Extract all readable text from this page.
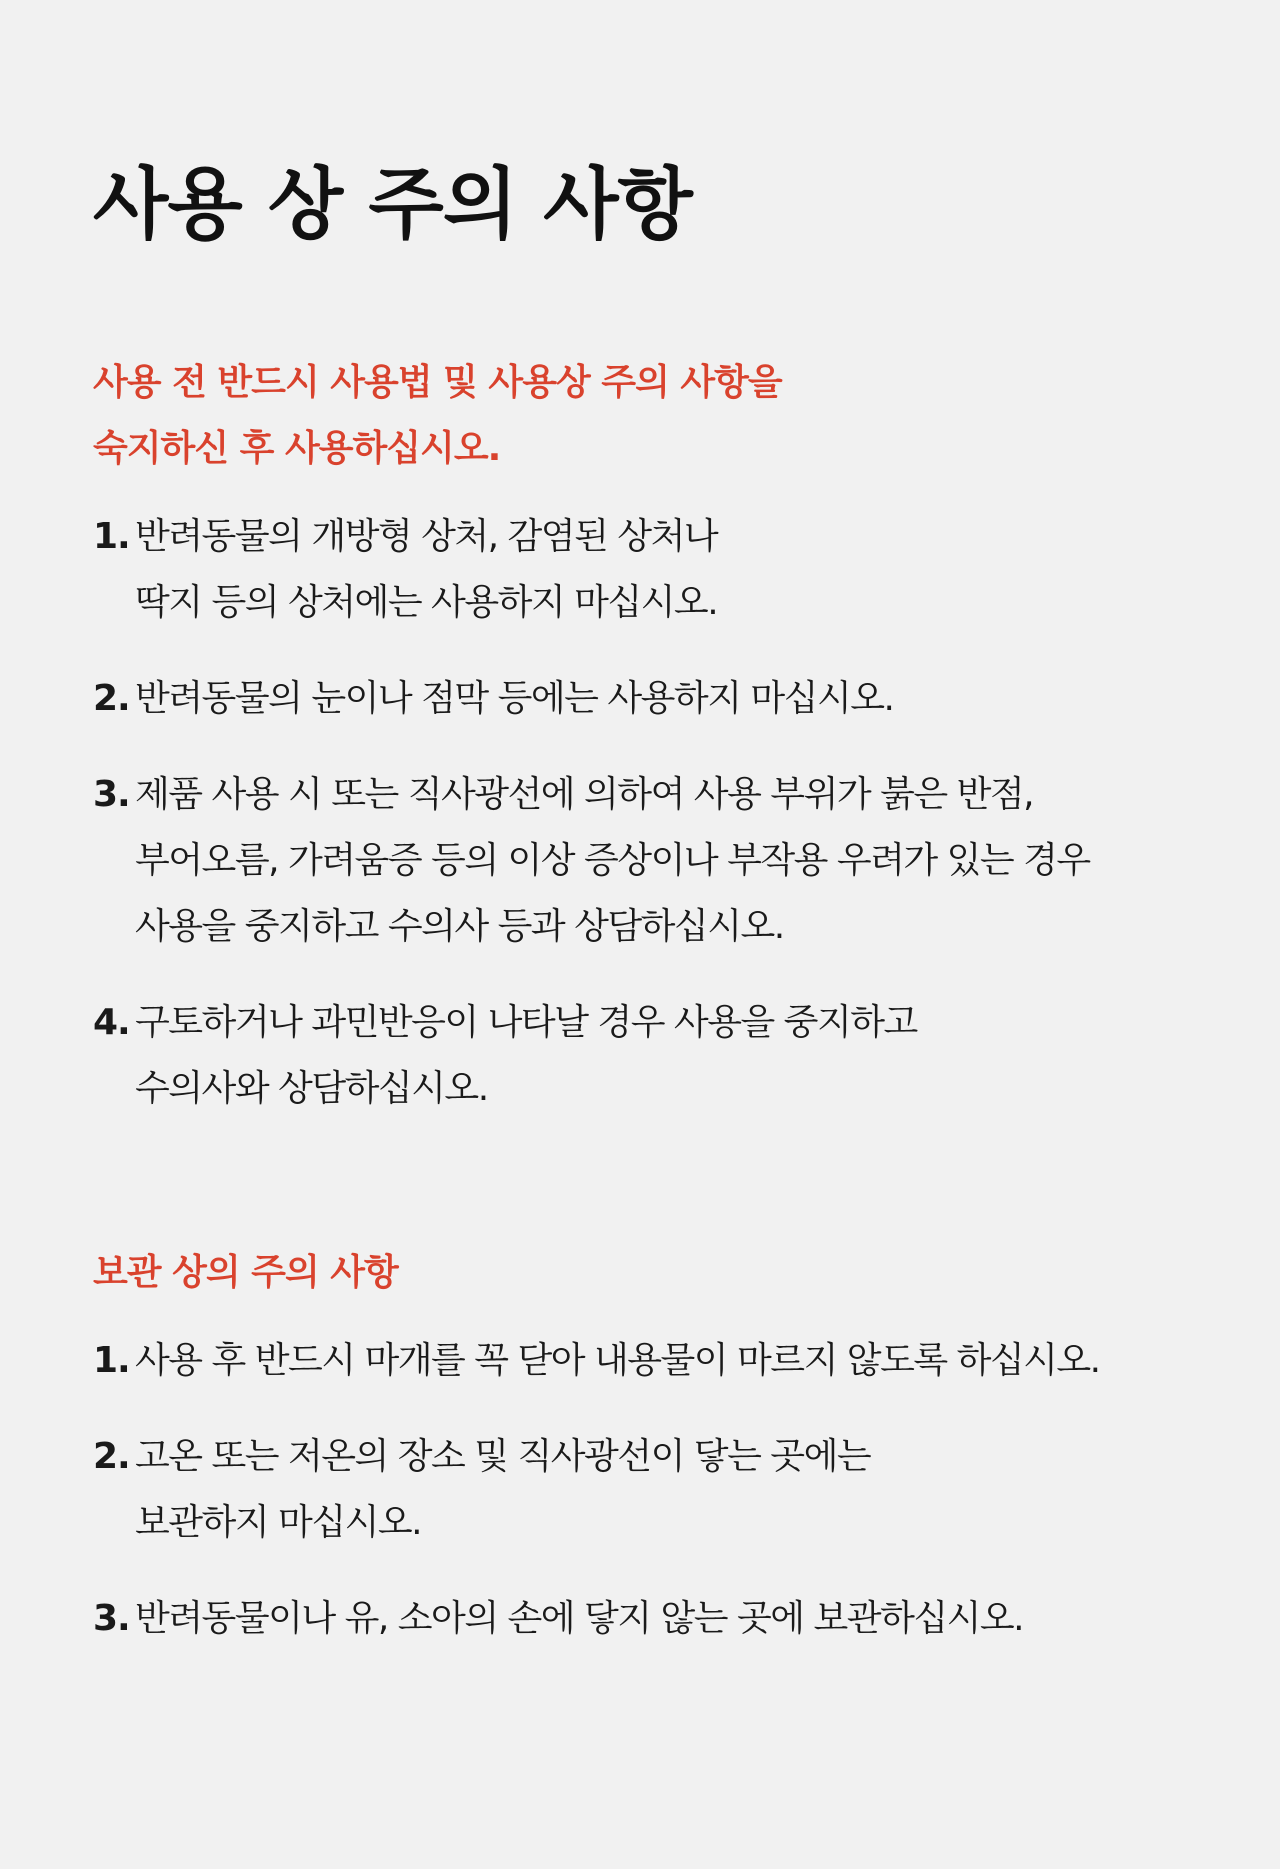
사용 상 주의 사항
사용 전 반드시 사용법 및 사용상 주의 사항을
숙지하신 후 사용하십시오.
1. 반려동물의 개방형 상처, 감염된 상처나
딱지 등의 상처에는 사용하지 마십시오.
2. 반려동물의 눈이나 점막 등에는 사용하지 마십시오.
3. 제품 사용 시 또는 직사광선에 의하여 사용 부위가 붉은 반점,
부어오름, 가려움증 등의 이상 증상이나 부작용 우려가 있는 경우
사용을 중지하고 수의사 등과 상담하십시오.
4. 구토하거나 과민반응이 나타날 경우 사용을 중지하고
수의사와 상담하십시오.
보관 상의 주의 사항
1. 사용 후 반드시 마개를 꼭 닫아 내용물이 마르지 않도록 하십시오.
2. 고온 또는 저온의 장소 및 직사광선이 닿는 곳에는
보관하지 마십시오.
3. 반려동물이나 유, 소아의 손에 닿지 않는 곳에 보관하십시오.
